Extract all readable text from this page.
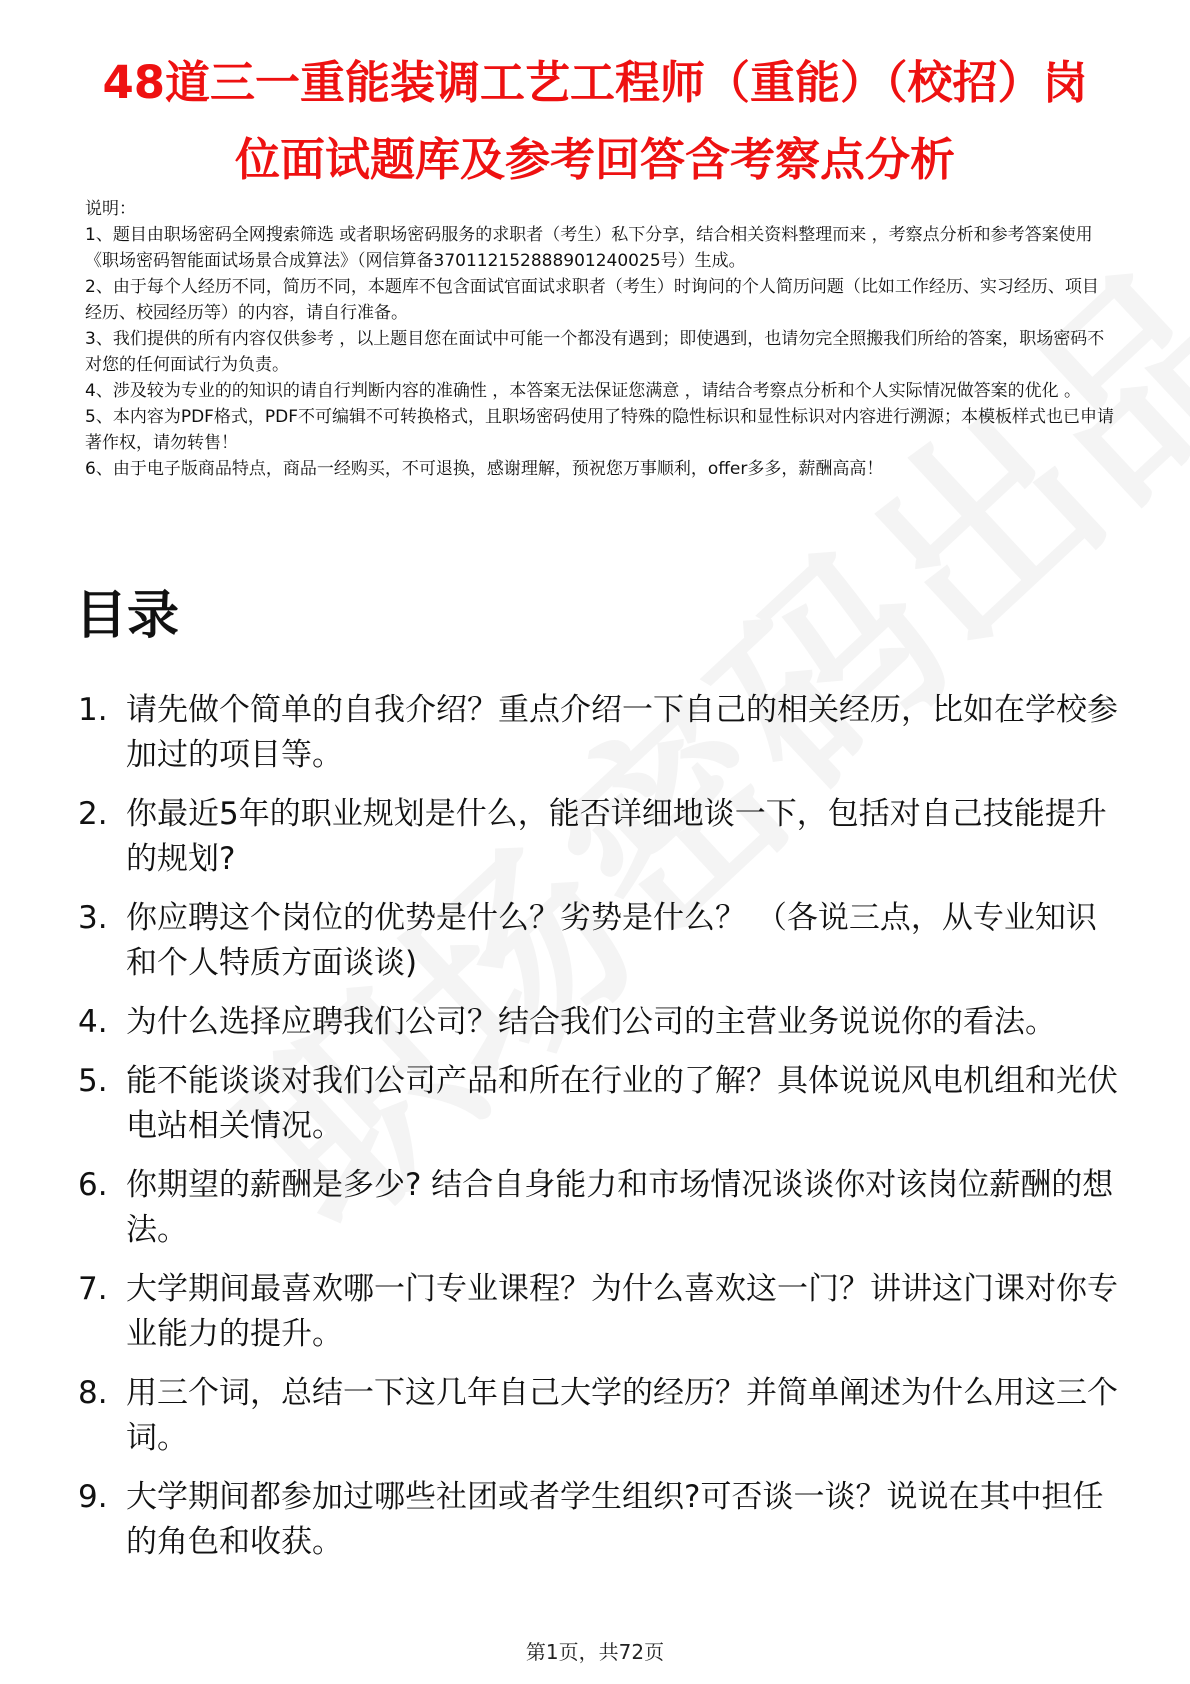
48道三一重能装调工艺工程师（重能）（校招）岗位面试题库及参考回答含考察点分析

说明：

1、题目由职场密码全网搜索筛选 或者职场密码服务的求职者（考生）私下分享，结合相关资料整理而来 ，考察点分析和参考答案使用《职场密码智能面试场景合成算法》（网信算备370112152888901240025号）生成。

2、由于每个人经历不同，简历不同，本题库不包含面试官面试求职者（考生）时询问的个人简历问题（比如工作经历、实习经历、项目经历、校园经历等）的内容，请自行准备。

3、我们提供的所有内容仅供参考 ，以上题目您在面试中可能一个都没有遇到；即使遇到，也请勿完全照搬我们所给的答案，职场密码不对您的任何面试行为负责。

4、涉及较为专业的的知识的请自行判断内容的准确性 ，本答案无法保证您满意 ，请结合考察点分析和个人实际情况做答案的优化 。

5、本内容为PDF格式，PDF不可编辑不可转换格式，且职场密码使用了特殊的隐性标识和显性标识对内容进行溯源；本模板样式也已申请著作权，请勿转售！

6、由于电子版商品特点，商品一经购买，不可退换，感谢理解，预祝您万事顺利，offer多多，薪酬高高！

目录
1. 请先做个简单的自我介绍？重点介绍一下自己的相关经历，比如在学校参加过的项目等。
2. 你最近5年的职业规划是什么，能否详细地谈一下，包括对自己技能提升的规划?
3. 你应聘这个岗位的优势是什么？劣势是什么？ （各说三点，从专业知识和个人特质方面谈谈)
4. 为什么选择应聘我们公司？结合我们公司的主营业务说说你的看法。
5. 能不能谈谈对我们公司产品和所在行业的了解？具体说说风电机组和光伏电站相关情况。
6. 你期望的薪酬是多少? 结合自身能力和市场情况谈谈你对该岗位薪酬的想法。
7. 大学期间最喜欢哪一门专业课程？为什么喜欢这一门？讲讲这门课对你专业能力的提升。
8. 用三个词，总结一下这几年自己大学的经历？并简单阐述为什么用这三个词。
9. 大学期间都参加过哪些社团或者学生组织?可否谈一谈？说说在其中担任的角色和收获。
第1页，共72页
